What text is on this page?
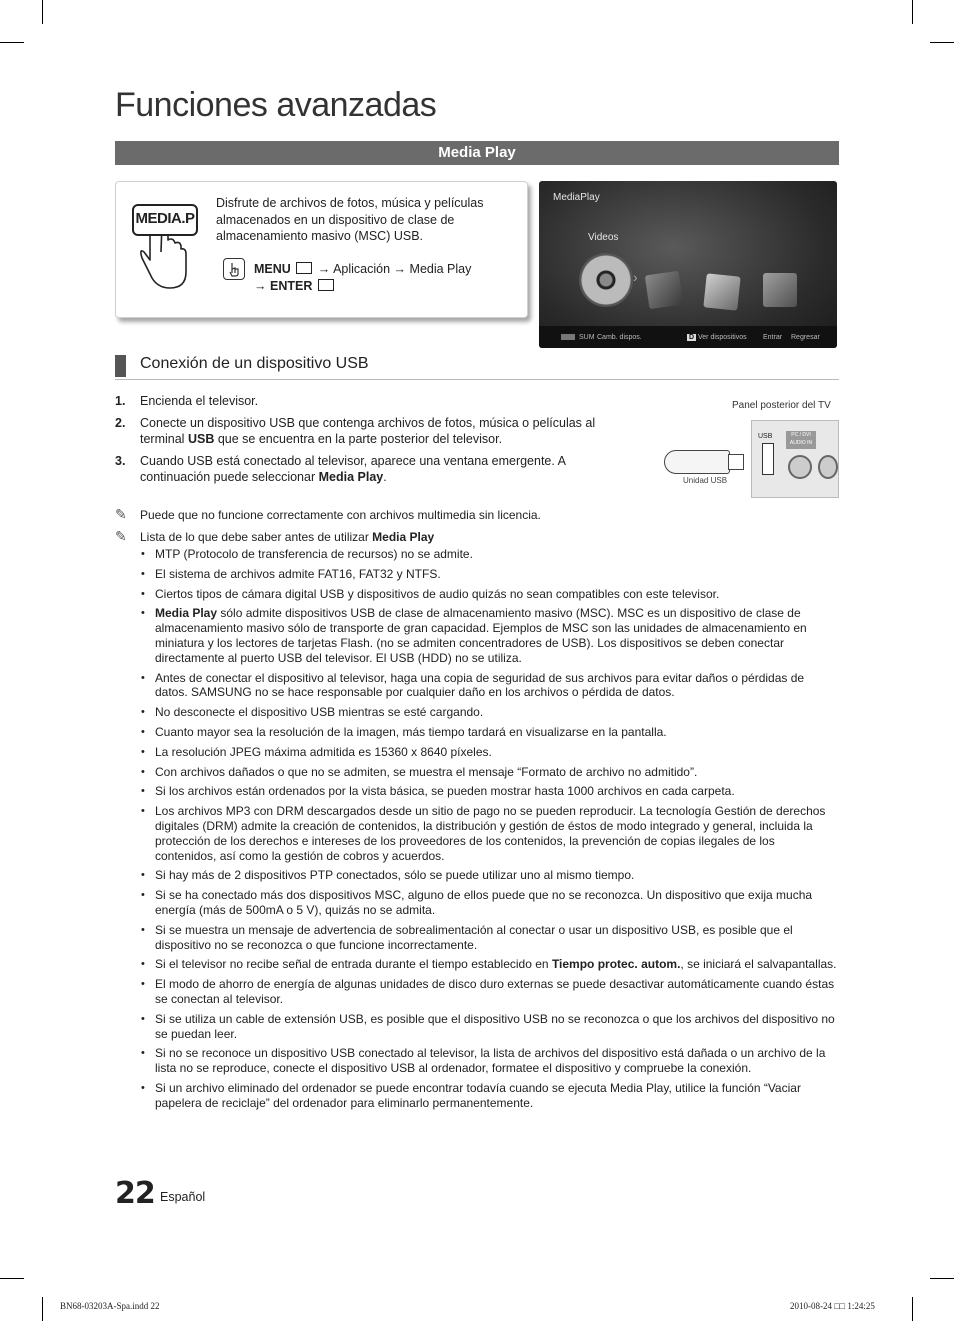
Funciones avanzadas
Media Play
MEDIA.P

Disfrute de archivos de fotos, música y películas almacenados en un dispositivo de clase de almacenamiento masivo (MSC) USB.

MENU → Aplicación → Media Play
→ ENTER
MediaPlay
Videos
›
SUM Camb. dispos.	D Ver dispositivos Entrar Regresar
Conexión de un dispositivo USB
1. Encienda el televisor.
2. Conecte un dispositivo USB que contenga archivos de fotos, música o películas al terminal USB que se encuentra en la parte posterior del televisor.
3. Cuando USB está conectado al televisor, aparece una ventana emergente. A continuación puede seleccionar Media Play.
Panel posterior del TV
USB	PC / DVI AUDIO IN
Unidad USB
✎ Puede que no funcione correctamente con archivos multimedia sin licencia.
✎ Lista de lo que debe saber antes de utilizar Media Play
• MTP (Protocolo de transferencia de recursos) no se admite.
• El sistema de archivos admite FAT16, FAT32 y NTFS.
• Ciertos tipos de cámara digital USB y dispositivos de audio quizás no sean compatibles con este televisor.
• Media Play sólo admite dispositivos USB de clase de almacenamiento masivo (MSC). MSC es un dispositivo de clase de almacenamiento masivo sólo de transporte de gran capacidad. Ejemplos de MSC son las unidades de almacenamiento en miniatura y los lectores de tarjetas Flash. (no se admiten concentradores de USB). Los dispositivos se deben conectar directamente al puerto USB del televisor. El USB (HDD) no se utiliza.
• Antes de conectar el dispositivo al televisor, haga una copia de seguridad de sus archivos para evitar daños o pérdidas de datos. SAMSUNG no se hace responsable por cualquier daño en los archivos o pérdida de datos.
• No desconecte el dispositivo USB mientras se esté cargando.
• Cuanto mayor sea la resolución de la imagen, más tiempo tardará en visualizarse en la pantalla.
• La resolución JPEG máxima admitida es 15360 x 8640 píxeles.
• Con archivos dañados o que no se admiten, se muestra el mensaje “Formato de archivo no admitido”.
• Si los archivos están ordenados por la vista básica, se pueden mostrar hasta 1000 archivos en cada carpeta.
• Los archivos MP3 con DRM descargados desde un sitio de pago no se pueden reproducir. La tecnología Gestión de derechos digitales (DRM) admite la creación de contenidos, la distribución y gestión de éstos de modo integrado y general, incluida la protección de los derechos e intereses de los proveedores de los contenidos, la prevención de copias ilegales de los contenidos, así como la gestión de cobros y acuerdos.
• Si hay más de 2 dispositivos PTP conectados, sólo se puede utilizar uno al mismo tiempo.
• Si se ha conectado más dos dispositivos MSC, alguno de ellos puede que no se reconozca. Un dispositivo que exija mucha energía (más de 500mA o 5 V), quizás no se admita.
• Si se muestra un mensaje de advertencia de sobrealimentación al conectar o usar un dispositivo USB, es posible que el dispositivo no se reconozca o que funcione incorrectamente.
• Si el televisor no recibe señal de entrada durante el tiempo establecido en Tiempo protec. autom., se iniciará el salvapantallas.
• El modo de ahorro de energía de algunas unidades de disco duro externas se puede desactivar automáticamente cuando éstas se conectan al televisor.
• Si se utiliza un cable de extensión USB, es posible que el dispositivo USB no se reconozca o que los archivos del dispositivo no se puedan leer.
• Si no se reconoce un dispositivo USB conectado al televisor, la lista de archivos del dispositivo está dañada o un archivo de la lista no se reproduce, conecte el dispositivo USB al ordenador, formatee el dispositivo y compruebe la conexión.
• Si un archivo eliminado del ordenador se puede encontrar todavía cuando se ejecuta Media Play, utilice la función “Vaciar papelera de reciclaje” del ordenador para eliminarlo permanentemente.
22 Español
BN68-03203A-Spa.indd 22	2010-08-24 □□ 1:24:25
